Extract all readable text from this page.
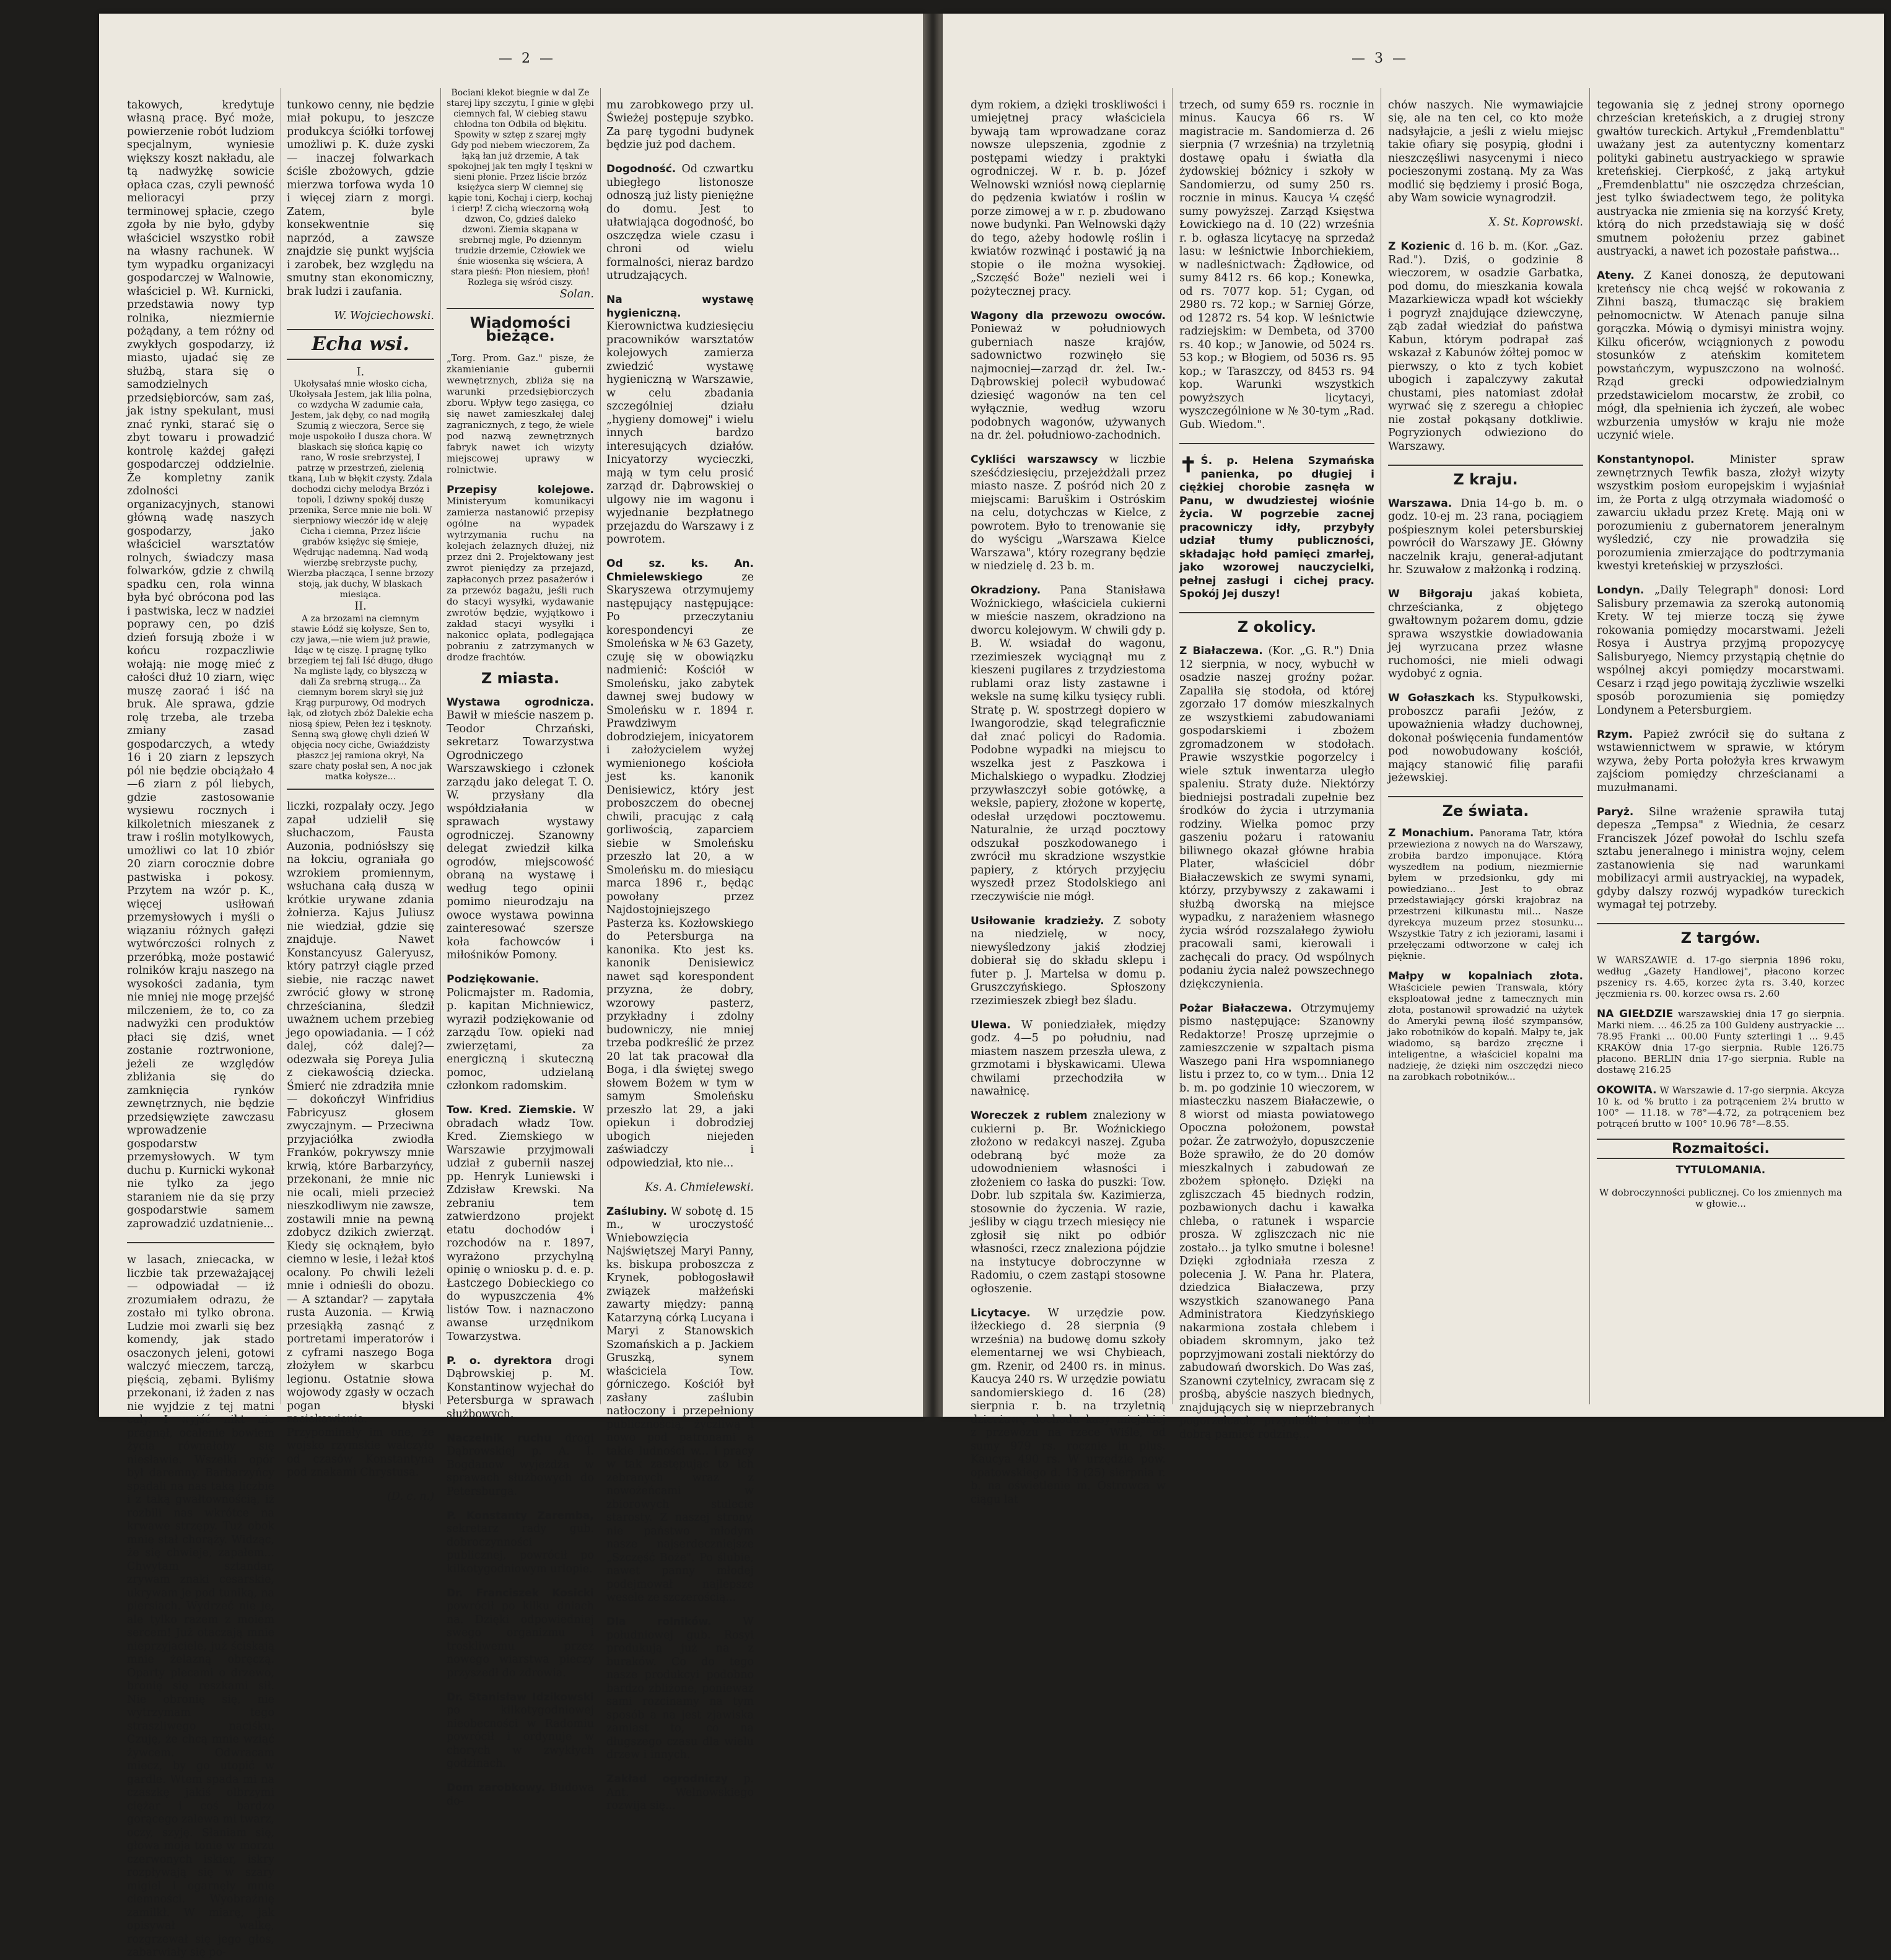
— 2 —

takowych, kredytuje własną pracę. Być może, powierzenie robót ludziom specjalnym, wyniesie większy koszt nakładu, ale tą nadwyżkę sowicie opłaca czas, czyli pewność melioracyi przy terminowej spłacie, czego zgoła by nie było, gdyby właściciel wszystko robił na własny rachunek. W tym wypadku organizacyi gospodarczej w Walnowie, właściciel p. Wł. Kurnicki, przedstawia nowy typ rolnika, niezmiernie pożądany, a tem różny od zwykłych gospodarzy, iż miasto, ujadać się ze służbą, stara się o samodzielnych przedsiębiorców, sam zaś, jak istny spekulant, musi znać rynki, starać się o zbyt towaru i prowadzić kontrolę każdej gałęzi gospodarczej oddzielnie. Że kompletny zanik zdolności organizacyjnych, stanowi główną wadę naszych gospodarzy, jako właściciel warsztatów rolnych, świadczy masa folwarków, gdzie z chwilą spadku cen, rola winna była być obrócona pod las i pastwiska, lecz w nadziei poprawy cen, po dziś dzień forsują zboże i w końcu rozpaczliwie wołają: nie mogę mieć z całości dłuż 10 ziarn, więc muszę zaorać i iść na bruk. Ale sprawa, gdzie rolę trzeba, ale trzeba zmiany zasad gospodarczych, a wtedy 16 i 20 ziarn z lepszych pól nie będzie obciążało 4—6 ziarn z pól liebych, gdzie zastosowanie wysiewu rocznych i kilkoletnich mieszanek z traw i roślin motylkowych, umożliwi co lat 10 zbiór 20 ziarn corocznie dobre pastwiska i pokosy. Przytem na wzór p. K., więcej usiłowań przemysłowych i myśli o wiązaniu różnych gałęzi wytwórczości rolnych z przeróbką, może postawić rolników kraju naszego na wysokości zadania, tym nie mniej nie mogę przejść milczeniem, że to, co za nadwyżki cen produktów płaci się dziś, wnet zostanie roztrwonione, jeżeli ze względów zbliżania się do zamknięcia rynków zewnętrznych, nie będzie przedsięwzięte zawczasu wprowadzenie gospodarstw przemysłowych. W tym duchu p. Kurnicki wykonał nie tylko za jego staraniem nie da się przy gospodarstwie samem zaprowadzić uzdatnienie...

w lasach, zniecacka, w liczbie tak przeważającej — odpowiadał — iż zrozumiałem odrazu, że zostało mi tylko obrona. Ludzie moi zwarli się bez komendy, jak stado osaczonych jeleni, gotowi walczyć mieczem, tarczą, pięścią, zębami. Byliśmy przekonani, iż żaden z nas nie wyjdzie z tej matni cały. I wyjść nikt nie pragnął, ocalenie bowiem życia równałoby się niesławie. Wszelki opór był daremny. Barbarzyńcy spadali na nas taką liczbie i z taką gwałtownością, iż rozbili nas wkrótce na krwawe strzępy. Tuż obok mnie stał chorąży. Widząc, że się chwieje, zapałem... Chwytam sztandar, zrywam znaki cesarskie, ukrywam je pod tuniką, na piersiach. Wydrzeć nie je, ale tylko razem z moiem sercem! Już otaczają mnie nieprzyjaciele, już ściskają mnie żelazną obręczą. Oparty plecami o drzewo, bronię się reszkami sił. Nie obronię się, nie wytrzymam tego straszliwego naciśku. Czuję, że chcą mnie wziąć żywcem. Odwracam miecz, by go utopić w gardle. Wtem spada mi na czaszkę jakiś olbrzymi ciężar i coś bardzo gorącego zalewa mi twarz, oczy, szyję. Słaniam się, głowa moja tonie w morzu czerwonych iskier, iskry rozpływają się w szary migiel i ogarnęły mnie ciemności. Wyobraźnię zamilkł. W miarę, jak opisywał walkę, rozgrzewał się jego głos, zabarwiały się po-

tunkowo cenny, nie będzie miał pokupu, to jeszcze produkcya ściółki torfowej umożliwi p. K. duże zyski — inaczej folwarkach ściśle zbożowych, gdzie mierzwa torfowa wyda 10 i więcej ziarn z morgi. Zatem, byle konsekwentnie się naprzód, a zawsze znajdzie się punkt wyjścia i zarobek, bez względu na smutny stan ekonomiczny, brak ludzi i zaufania.

W. Wojciechowski.
Echa wsi.
I.
Ukołysałaś mnie włosko cicha, Ukołysała Jestem, jak lilia polna, co wzdycha W zadumie cała, Jestem, jak dęby, co nad mogiłą Szumią z wieczora, Serce się moje uspokoiło I dusza chora. W blaskach się słońca kąpię co rano, W rosie srebrzystej, I patrzę w przestrzeń, zielenią tkaną, Lub w błękit czysty. Zdala dochodzi cichy melodya Brzóz i topoli, I dziwny spokój duszę przenika, Serce mnie nie boli. W sierpniowy wieczór idę w aleję Cicha i ciemna, Przez liście grabów księżyc się śmieje, Wędrując nademną. Nad wodą wierzbę srebrzyste puchy, Wierzba płacząca, I senne brzozy stoją, jak duchy, W blaskach miesiąca.
II.
A za brzozami na ciemnym stawie Łódź się kołysze, Śen to, czy jawa,—nie wiem już prawie, Idąc w tę ciszę. I pragnę tylko brzegiem tej fali Iść długo, długo Na mgliste lądy, co błyszczą w dali Za srebrną strugą... Za ciemnym borem skrył się już Krąg purpurowy, Od modrych łąk, od złotych zbóż Dalekie echa niosą śpiew, Pełen łez i tęsknoty. Senną swą głowę chyli dzień W objęcia nocy ciche, Gwiaździsty płaszcz jej ramiona okrył, Na szare chaty posłał sen, A noc jak matka kołysze...

liczki, rozpalały oczy. Jego zapał udzielił się słuchaczom, Fausta Auzonia, podniósłszy się na łokciu, ograniała go wzrokiem promiennym, wsłuchana całą duszą w krótkie urywane zdania żołnierza. Kajus Juliusz nie wiedział, gdzie się znajduje. Nawet Konstancyusz Galeryusz, który patrzył ciągle przed siebie, nie racząc nawet zwrócić głowy w stronę chrześcianina, śledził uważnem uchem przebieg jego opowiadania. — I cóż dalej, cóż dalej?—odezwała się Poreya Julia z ciekawością dziecka. Śmierć nie zdradziła mnie — dokończył Winfridius Fabricyusz głosem zwyczajnym. — Przeciwna przyjaciółka zwiodła Franków, pokrywszy mnie krwią, które Barbarzyńcy, przekonani, że mnie nic nie ocali, mieli przecież nieszkodliwym nie zawsze, zostawili mnie na pewną zdobycz dzikich zwierząt. Kiedy się ocknąłem, było ciemno w lesie, i leżał ktoś ocalony. Po chwili leżeli mnie i odnieśli do obozu. — A sztandar? — zapytała rusta Auzonia. — Krwią przesiąkłą zasnąć z portretami imperatorów i z cyframi naszego Boga złożyłem w skarbcu legionu. Ostatnie słowa wojowody zgasły w oczach pogan błyski zaciekawienia. Przypominały im one, że wojsko rzymskie walczyło od czasów Konstantyna pod znakami Chrystusa.

(D. c. n.)
Bociani klekot biegnie w dal Ze starej lipy szczytu, I ginie w głębi ciemnych fal, W ciebieg stawu chłodna ton Odbiła od błękitu. Spowity w sztęp z szarej mgły Gdy pod niebem wieczorem, Za łąką łan już drzemie, A tak spokojnej jak ten mgły I tęskni w sieni płonie. Przez liście brzóz księżyca sierp W ciemnej się kąpie toni, Kochaj i cierp, kochaj i cierp! Z cichą wieczorną wołą dzwon, Co, gdzieś daleko dzwoni. Ziemia skąpana w srebrnej mgle, Po dziennym trudzie drzemie, Człowiek we śnie wiosenka się wściera, A stara pieśń: Płon niesiem, płoń! Rozlega się wśród ciszy.
Solan.
Wiadomości bieżące.

„Torg. Prom. Gaz." pisze, że zkamienianie gubernii wewnętrznych, zbliża się na warunki przedsiębiorczych zboru. Wpływ tego zasięga, co się nawet zamieszkałej dalej zagranicznych, z tego, że wiele pod nazwą zewnętrznych fabryk nawet ich wizyty miejscowej uprawy w rolnictwie.

Przepisy kolejowe. Ministeryum komunikacyi zamierza nastanowić przepisy ogólne na wypadek wytrzymania ruchu na kolejach żelaznych dłużej, niż przez dni 2. Projektowany jest zwrot pieniędzy za przejazd, zapłaconych przez pasażerów i za przewóz bagażu, jeśli ruch do stacyi wysyłki, wydawanie zwrotów będzie, wyjątkowo i zakład stacyi wysyłki i nakonicc opłata, podlegająca pobraniu z zatrzymanych w drodze frachtów.

Z miasta.

Wystawa ogrodnicza. Bawił w mieście naszem p. Teodor Chrzański, sekretarz Towarzystwa Ogrodniczego Warszawskiego i członek zarządu jako delegat T. O. W. przysłany dla współdziałania w sprawach wystawy ogrodniczej. Szanowny delegat zwiedził kilka ogrodów, miejscowość obraną na wystawę i według tego opinii pomimo nieurodzaju na owoce wystawa powinna zainteresować szersze koła fachowców i miłośników Pomony.

Podziękowanie. Policmajster m. Radomia, p. kapitan Michniewicz, wyraził podziękowanie od zarządu Tow. opieki nad zwierzętami, za energiczną i skuteczną pomoc, udzielaną członkom radomskim.

Tow. Kred. Ziemskie. W obradach władz Tow. Kred. Ziemskiego w Warszawie przyjmowali udział z gubernii naszej pp. Henryk Luniewski i Zdzisław Krewski. Na zebraniu tem zatwierdzono projekt etatu dochodów i rozchodów na r. 1897, wyrażono przychylną opinię o wniosku p. d. e. p. Łastczego Dobieckiego co do wypuszczenia 4% listów Tow. i naznaczono awanse urzędnikom Towarzystwa.

P. o. dyrektora drogi Dąbrowskiej p. M. Konstantinow wyjechał do Petersburga w sprawach służbowych.

Naczelnik ruchu drogi Dąbrowskiej p. A. I. Bogdanow wyjeżdża w sprawach służbowych do Petersburga.

P. Konstanty Zaremba, sekretarz rady gub. dobroczynności publicznej, powrócił po kilkotygodniowym urlopie.

Dr. Franciszek Kosicki powrócił po kilku dniach na. Dzięki odpowiedniej swego organizmu i troskliwemu przez nowego wiarstwa pieczy przyszedł do zdrowia.

Dr. Stanisław Idzikowski po kilkotygodniowej nieobecności w Radomiu powrócił i ordynuje w chorych w zwykłych godzinach.

Dom zarobkowy. Budowa do-

mu zarobkowego przy ul. Świeżej postępuje szybko. Za parę tygodni budynek będzie już pod dachem.

Dogodność. Od czwartku ubiegłego listonosze odnoszą już listy pieniężne do domu. Jest to ułatwiająca dogodność, bo oszczędza wiele czasu i chroni od wielu formalności, nieraz bardzo utrudzających.

Na wystawę hygieniczną. Kierownictwa kudziesięciu pracowników warsztatów kolejowych zamierza zwiedzić wystawę hygieniczną w Warszawie, w celu zbadania szczególniej działu „hygieny domowej" i wielu innych bardzo interesujących działów. Inicyatorzy wycieczki, mają w tym celu prosić zarząd dr. Dąbrowskiej o ulgowy nie im wagonu i wyjednanie bezpłatnego przejazdu do Warszawy i z powrotem.

Od sz. ks. An. Chmielewskiego	ze Skaryszewa otrzymujemy następujący następujące: Po przeczytaniu korespondencyi ze Smoleńska w № 63 Gazety, czuję się w obowiązku nadmienić: Kościół w Smoleńsku, jako zabytek dawnej swej budowy w Smoleńsku w r. 1894 r. Prawdziwym dobrodziejem, inicyatorem i założycielem wyżej wymienionego kościoła jest ks. kanonik Denisiewicz, który jest proboszczem do obecnej chwili, pracując z całą gorliwością, zaparciem siebie w Smoleńsku przeszło lat 20, a w Smoleńsku m. do miesiącu marca 1896 r., będąc powołany przez Najdostojniejszego Pasterza ks. Kozłowskiego do Petersburga na kanonika. Kto jest ks. kanonik Denisiewicz nawet sąd korespondent przyzna, że dobry, wzorowy pasterz, przykładny i zdolny budowniczy, nie mniej trzeba podkreślić że przez 20 lat tak pracował dla Boga, i dla świętej swego słowem Bożem w tym w samym Smoleńsku przeszło lat 29, a jaki opiekun i dobrodziej ubogich niejeden zaświadczy i odpowiedział, kto nie...

Ks. A. Chmielewski.

Zaślubiny. W sobotę d. 15 m., w uroczystość Wniebowzięcia Najświętszej Maryi Panny, ks. biskupa proboszcza z Krynek, pobłogosławił związek małżeński zawarty między: panną Katarzyną córką Lucyana i Maryi z Stanowskich Szomańskich a p. Jackiem Gruszką, synem właściciela Tow. górniczego. Kościół był zasłany zaślubin natłoczony i przepełniony publicznością, życzliwą i nowo pod patronami a takie ludności w... i pracy w tak zastępując to ich zebranych wraz z nowożeńcami w zbiorowych stulecie starosty. Z naszej strony, nie państwo młodym nasze najserdeczniejsze „Szczęść Boże". Po ślubie, nawet panny młodej podejmował najlepsze wesele ze szczerością...

Dla rolników.	W południowej gub. Rosyi produkują już na z buraków. Co do tego nasze produkcyi podobno bardzo zbliżone, ponieważ sami rozcinamy na tym sposób a na jest zjawiska zamiast to, co na długszego czasu dla wielu drzew i innych.

Zakład ogrodniczy p. Ant. Welnowskiego rozwija się...

— 3 —

dym rokiem, a dzięki troskliwości i umiejętnej pracy właściciela bywają tam wprowadzane coraz nowsze ulepszenia, zgodnie z postępami wiedzy i praktyki ogrodniczej. W r. b. p. Józef Welnowski wzniósł nową cieplarnię do pędzenia kwiatów i roślin w porze zimowej a w r. p. zbudowano nowe budynki. Pan Welnowski dąży do tego, ażeby hodowlę roślin i kwiatów rozwinąć i postawić ją na stopie o ile można wysokiej. „Szczęść Boże" nezieli wei i pożytecznej pracy.

Wagony dla przewozu owoców. Ponieważ w południowych guberniach nasze krajów, sadownictwo rozwinęło się najmocniej—zarząd dr. żel. Iw.-Dąbrowskiej polecił wybudować dziesięć wagonów na ten cel wyłącznie, według wzoru podobnych wagonów, używanych na dr. żel. południowo-zachodnich.

Cykliści warszawscy w liczbie sześćdziesięciu, przejeżdżali przez miasto nasze. Z pośród nich 20 z miejscami: Baruškim i Ostróskim na celu, dotychczas w Kielce, z powrotem. Było to trenowanie się do wyścigu „Warszawa Kielce Warszawa", który rozegrany będzie w niedzielę d. 23 b. m.

Okradziony. Pana Stanisława Woźnickiego, właściciela cukierni w mieście naszem, okradziono na dworcu kolejowym. W chwili gdy p. B. W. wsiadał do wagonu, rzezimieszek wyciągnął mu z kieszeni pugilares z trzydziestoma rublami oraz listy zastawne i weksle na sumę kilku tysięcy rubli. Stratę p. W. spostrzegł dopiero w Iwangorodzie, skąd telegraficznie dał znać policyi do Radomia. Podobne wypadki na miejscu to wszelka jest z Paszkowa i Michalskiego o wypadku. Złodziej przywłaszczył sobie gotówkę, a weksle, papiery, złożone w kopertę, odesłał urzędowi pocztowemu. Naturalnie, że urząd pocztowy odszukał poszkodowanego i zwrócił mu skradzione wszystkie papiery, z których przyjęciu wyszedł przez Stodolskiego ani rzeczywiście nie mógł.

Usiłowanie kradzieży. Z soboty na niedzielę, w nocy, niewyśledzony jakiś złodziej dobierał się do składu sklepu i futer p. J. Martelsa w domu p. Gruszczyńskiego. Spłoszony rzezimieszek zbiegł bez śladu.

Ulewa. W poniedziałek, między godz. 4—5 po południu, nad miastem naszem przeszła ulewa, z grzmotami i błyskawicami. Ulewa chwilami przechodziła w nawałnicę.

Woreczek z rublem znaleziony w cukierni p. Br. Woźnickiego złożono w redakcyi naszej. Zguba odebraną być może za udowodnieniem własności i złożeniem co łaska do puszki: Tow. Dobr. lub szpitala św. Kazimierza, stosownie do życzenia. W razie, jeśliby w ciągu trzech miesięcy nie zgłosił się nikt po odbiór własności, rzecz znaleziona pójdzie na instytucye dobroczynne w Radomiu, o czem zastąpi stosowne ogłoszenie.

Licytacye. W urzędzie pow. iłżeckiego d. 28 sierpnia (9 września) na budowę domu szkoły elementarnej we wsi Chybieach, gm. Rzenir, od 2400 rs. in minus. Kaucya 240 rs. W urzędzie powiatu sandomierskiego d. 16 (28) sierpnia r. b. na trzyletnią dzierżawę dochodu kasy miejskiej z przewozu na rzece Wiśle, od sumy 979 rs. rocznie in plus. Kaucya 490 rs. W urzędzie pow. opatowskiego d. 13 (25) sierpnia r. b. na oświetlenie m. Ostrowca w ciągu lat

trzech, od sumy 659 rs. rocznie in minus. Kaucya 66 rs. W magistracie m. Sandomierza d. 26 sierpnia (7 września) na trzyletnią dostawę opału i światła dla żydowskiej bóżnicy i szkoły w Sandomierzu, od sumy 250 rs. rocznie in minus. Kaucya ¼ część sumy powyższej. Zarząd Księstwa Łowickiego na d. 10 (22) września r. b. ogłasza licytacyę na sprzedaż lasu: w leśnictwie Inborchiekiem, w nadleśnictwach: Żądłowice, od sumy 8412 rs. 66 kop.; Konewka, od rs. 7077 kop. 51; Cygan, od 2980 rs. 72 kop.; w Sarniej Górze, od 12872 rs. 54 kop. W leśnictwie radziejskim: w Dembeta, od 3700 rs. 40 kop.; w Janowie, od 5024 rs. 53 kop.; w Błogiem, od 5036 rs. 95 kop.; w Taraszczy, od 8453 rs. 94 kop. Warunki wszystkich powyższych licytacyi, wyszczególnione w № 30-tym „Rad. Gub. Wiedom.".

✝ Ś. p. Helena Szymańska panienka, po długiej i ciężkiej chorobie zasnęła w Panu, w dwudziestej wiośnie życia. W pogrzebie zacnej pracowniczy idły, przybyły udział tłumy publiczności, składając hołd pamięci zmarłej, jako wzorowej nauczycielki, pełnej zasługi i cichej pracy. Spokój Jej duszy!

Z okolicy.

Z Białaczewa. (Kor. „G. R.") Dnia 12 sierpnia, w nocy, wybuchł w osadzie naszej groźny pożar. Zapaliła się stodoła, od której zgorzało 17 domów mieszkalnych ze wszystkiemi zabudowaniami gospodarskiemi i zbożem zgromadzonem w stodołach. Prawie wszystkie pogorzelcy i wiele sztuk inwentarza uległo spaleniu. Straty duże. Niektórzy biedniejsi postradali zupełnie bez środków do życia i utrzymania rodziny. Wielka pomoc przy gaszeniu pożaru i ratowaniu biliwnego okazał główne hrabia Plater, właściciel dóbr Białaczewskich ze swymi synami, którzy, przybywszy z zakawami i służbą dworską na miejsce wypadku, z narażeniem własnego życia wśród rozszalałego żywiołu pracowali sami, kierowali i zachęcali do pracy. Od wspólnych podaniu życia należ powszechnego dziękczynienia.

Pożar Białaczewa. Otrzymujemy pismo następujące: Szanowny Redaktorze! Proszę uprzejmie o zamieszczenie w szpaltach pisma Waszego pani Hra wspomnianego listu i przez to, co w tym... Dnia 12 b. m. po godzinie 10 wieczorem, w miasteczku naszem Białaczewie, o 8 wiorst od miasta powiatowego Opoczna położonem, powstał pożar. Że zatrwożyło, dopuszczenie Boże sprawiło, że do 20 domów mieszkalnych i zabudowań ze zbożem spłonęło. Dzięki na zgliszczach 45 biednych rodzin, pozbawionych dachu i kawałka chleba, o ratunek i wsparcie prosza. W zgliszczach nic nie zostało... ja tylko smutne i bolesne! Dzięki zgłodniała rzesza z polecenia J. W. Pana hr. Platera, dziedzica Białaczewa, przy wszystkich szanowanego Pana Administratora Kiedzyńskiego nakarmiona została chlebem i obiadem skromnym, jako też poprzyjmowani zostali niektórzy do zabudowań dworskich. Do Was zaś, Szanowni czytelnicy, zwracam się z prośbą, abyście naszych biednych, znajdujących się w nieprzebranych pogorzelcach, przynieśli i na ich dobrą pamięć rodzinę...

chów naszych. Nie wymawiajcie się, ale na ten cel, co kto może nadsyłajcie, a jeśli z wielu miejsc takie ofiary się posypią, głodni i nieszczęśliwi nasycenymi i nieco pocieszonymi zostaną. My za Was modlić się będziemy i prosić Boga, aby Wam sowicie wynagrodził.

X. St. Koprowski.

Z Kozienic d. 16 b. m. (Kor. „Gaz. Rad."). Dziś, o godzinie 8 wieczorem, w osadzie Garbatka, pod domu, do mieszkania kowala Mazarkiewicza wpadł kot wściekły i pogryzł znajdujące dziewczynę, ząb zadał wiedział do państwa Kabun, którym podrapał zaś wskazał z Kabunów żółtej pomoc w pierwszy, o kto z tych kobiet ubogich i zapalczywy zakutał chustami, pies natomiast zdołał wyrwać się z szeregu a chłopiec nie został pokąsany dotkliwie. Pogryzionych odwieziono do Warszawy.

Z kraju.

Warszawa. Dnia 14-go b. m. o godz. 10-ej m. 23 rana, pociągiem pośpiesznym kolei petersburskiej powrócił do Warszawy JE. Główny naczelnik kraju, generał-adjutant hr. Szuwałow z małżonką i rodziną.

W Biłgoraju jakaś kobieta, chrześcianka, z objętego gwałtownym pożarem domu, gdzie sprawa wszystkie dowiadowania jej wyrzucana przez własne ruchomości, nie mieli odwagi wydobyć z ognia.

W Gołaszkach ks. Stypułkowski, proboszcz parafii Jeżów, z upoważnienia władzy duchownej, dokonał poświęcenia fundamentów pod nowobudowany kościół, mający stanowić filię parafii jeżewskiej.

Ze świata.

Z Monachium. Panorama Tatr, która przewieziona z nowych na do Warszawy, zrobiła bardzo imponujące. Którą wyszedłem na podium, niezmiernie byłem w przedsionku, gdy mi powiedziano... Jest to obraz przedstawiający górski krajobraz na przestrzeni kilkunastu mil... Nasze dyrekcya muzeum przez stosunku... Wszystkie Tatry z ich jeziorami, lasami i przełęczami odtworzone w całej ich pięknie.

Małpy w kopalniach złota. Właściciele pewien Transwala, który eksploatował jedne z tamecznych min złota, postanowił sprowadzić na użytek do Ameryki pewną ilość szympansów, jako robotników do kopalń. Małpy te, jak wiadomo, są bardzo zręczne i inteligentne, a właściciel kopalni ma nadzieję, że dzięki nim oszczędzi nieco na zarobkach robotników...

tegowania się z jednej strony opornego chrześcian kreteńskich, a z drugiej strony gwałtów tureckich. Artykuł „Fremdenblattu" uważany jest za autentyczny komentarz polityki gabinetu austryackiego w sprawie kreteńskiej. Cierpkość, z jaką artykuł „Fremdenblattu" nie oszczędza chrześcian, jest tylko świadectwem tego, że polityka austryacka nie zmienia się na korzyść Krety, którą do nich przedstawiają się w dość smutnem położeniu przez gabinet austryacki, a nawet ich pozostałe państwa...

Ateny. Z Kanei donoszą, że deputowani kreteńscy nie chcą wejść w rokowania z Zihni baszą, tłumacząc się brakiem pełnomocnictw. W Atenach panuje silna gorączka. Mówią o dymisyi ministra wojny. Kilku oficerów, wciągnionych z powodu stosunków z ateńskim komitetem powstańczym, wypuszczono na wolność. Rząd grecki odpowiedzialnym przedstawicielom mocarstw, że zrobił, co mógł, dla spełnienia ich życzeń, ale wobec wzburzenia umysłów w kraju nie może uczynić wiele.

Konstantynopol.	Minister spraw zewnętrznych Tewfik basza, złożył wizyty wszystkim posłom europejskim i wyjaśniał im, że Porta z ulgą otrzymała wiadomość o zawarciu układu przez Kretę. Mają oni w porozumieniu z gubernatorem jeneralnym wyśledzić, czy nie prowadziła się porozumienia zmierzające do podtrzymania kwestyi kreteńskiej w przyszłości.

Londyn. „Daily Telegraph" donosi: Lord Salisbury przemawia za szeroką autonomią Krety. W tej mierze toczą się żywe rokowania pomiędzy mocarstwami. Jeżeli Rosya i Austrya przyjmą propozycyę Salisburyego, Niemcy przystąpią chętnie do wspólnej akcyi pomiędzy mocarstwami. Cesarz i rząd jego powitają życzliwie wszelki sposób porozumienia się pomiędzy Londynem a Petersburgiem.

Rzym. Papież zwrócił się do sułtana z wstawiennictwem w sprawie, w którym wzywa, żeby Porta położyła kres krwawym zajściom pomiędzy chrześcianami a muzułmanami.

Paryż. Silne wrażenie sprawiła tutaj depesza „Tempsa" z Wiednia, że cesarz Franciszek Józef powołał do Ischlu szefa sztabu jeneralnego i ministra wojny, celem zastanowienia się nad warunkami mobilizacyi armii austryackiej, na wypadek, gdyby dalszy rozwój wypadków tureckich wymagał tej potrzeby.

Z targów.

W WARSZAWIE d. 17-go sierpnia 1896 roku, według „Gazety Handlowej", płacono korzec pszenicy rs. 4.65, korzec żyta rs. 3.40, korzec jęczmienia rs. 00. korzec owsa rs. 2.60

NA GIEŁDZIE warszawskiej dnia 17 go sierpnia. Marki niem. ... 46.25 za 100 Guldeny austryackie ... 78.95 Franki ... 00.00 Funty szterlingi 1 ... 9.45 KRAKÓW dnia 17-go sierpnia. Ruble 126.75 płacono. BERLIN dnia 17-go sierpnia. Ruble na dostawę 216.25

OKOWITA. W Warszawie d. 17-go sierpnia. Akcyza 10 k. od % brutto i za potrąceniem 2¼ brutto w 100° — 11.18. w 78°—4.72, za potrąceniem bez potrąceń brutto w 100° 10.96 78°—8.55.

Rozmaitości.
TYTULOMANIA.

W dobroczynności publicznej. Co los zmiennych ma w głowie...
